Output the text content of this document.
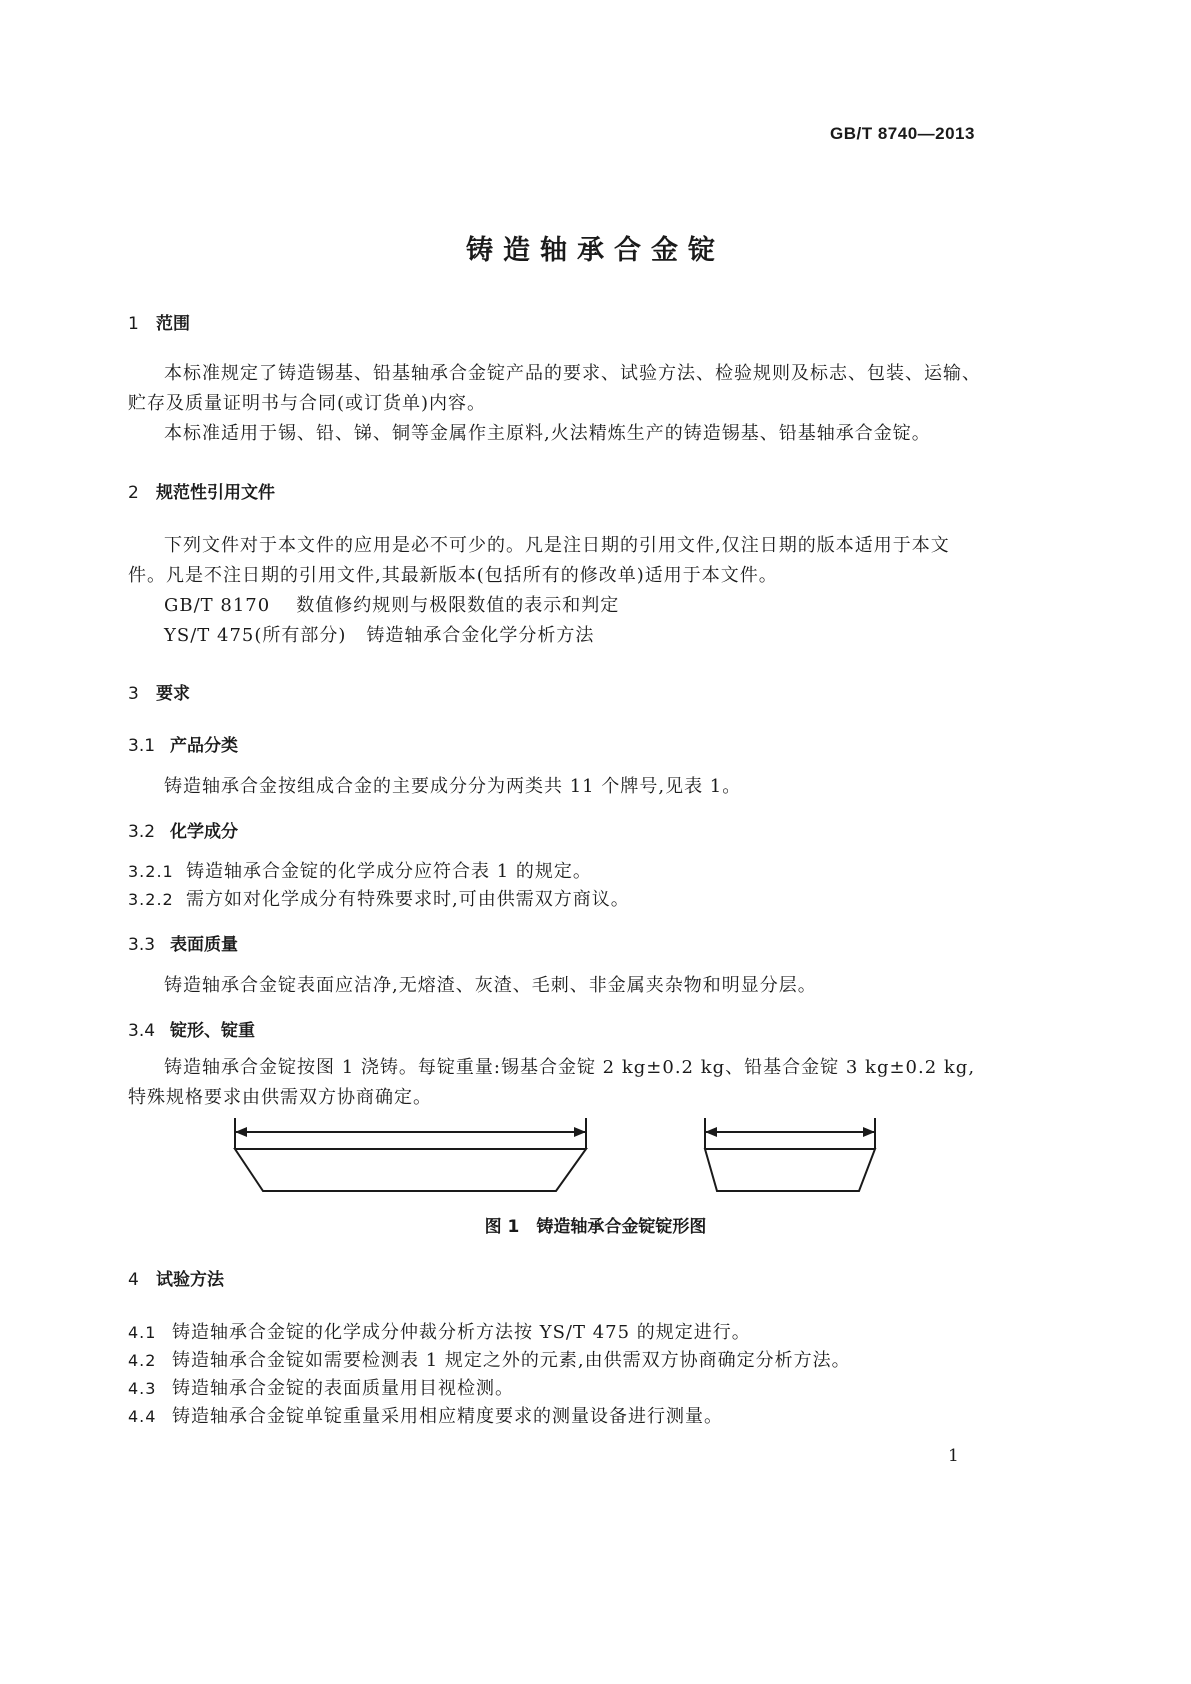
GB/T 8740—2013
铸造轴承合金锭
1 范围
本标准规定了铸造锡基、铅基轴承合金锭产品的要求、试验方法、检验规则及标志、包装、运输、贮存及质量证明书与合同(或订货单)内容。
本标准适用于锡、铅、锑、铜等金属作主原料,火法精炼生产的铸造锡基、铅基轴承合金锭。
2 规范性引用文件
下列文件对于本文件的应用是必不可少的。凡是注日期的引用文件,仅注日期的版本适用于本文件。凡是不注日期的引用文件,其最新版本(包括所有的修改单)适用于本文件。
GB/T 8170 数值修约规则与极限数值的表示和判定
YS/T 475(所有部分) 铸造轴承合金化学分析方法
3 要求
3.1 产品分类
铸造轴承合金按组成合金的主要成分分为两类共 11 个牌号,见表 1。
3.2 化学成分
3.2.1 铸造轴承合金锭的化学成分应符合表 1 的规定。
3.2.2 需方如对化学成分有特殊要求时,可由供需双方商议。
3.3 表面质量
铸造轴承合金锭表面应洁净,无熔渣、灰渣、毛刺、非金属夹杂物和明显分层。
3.4 锭形、锭重
铸造轴承合金锭按图 1 浇铸。每锭重量:锡基合金锭 2 kg±0.2 kg、铅基合金锭 3 kg±0.2 kg,特殊规格要求由供需双方协商确定。
图 1　铸造轴承合金锭锭形图
4 试验方法
4.1 铸造轴承合金锭的化学成分仲裁分析方法按 YS/T 475 的规定进行。
4.2 铸造轴承合金锭如需要检测表 1 规定之外的元素,由供需双方协商确定分析方法。
4.3 铸造轴承合金锭的表面质量用目视检测。
4.4 铸造轴承合金锭单锭重量采用相应精度要求的测量设备进行测量。
1
